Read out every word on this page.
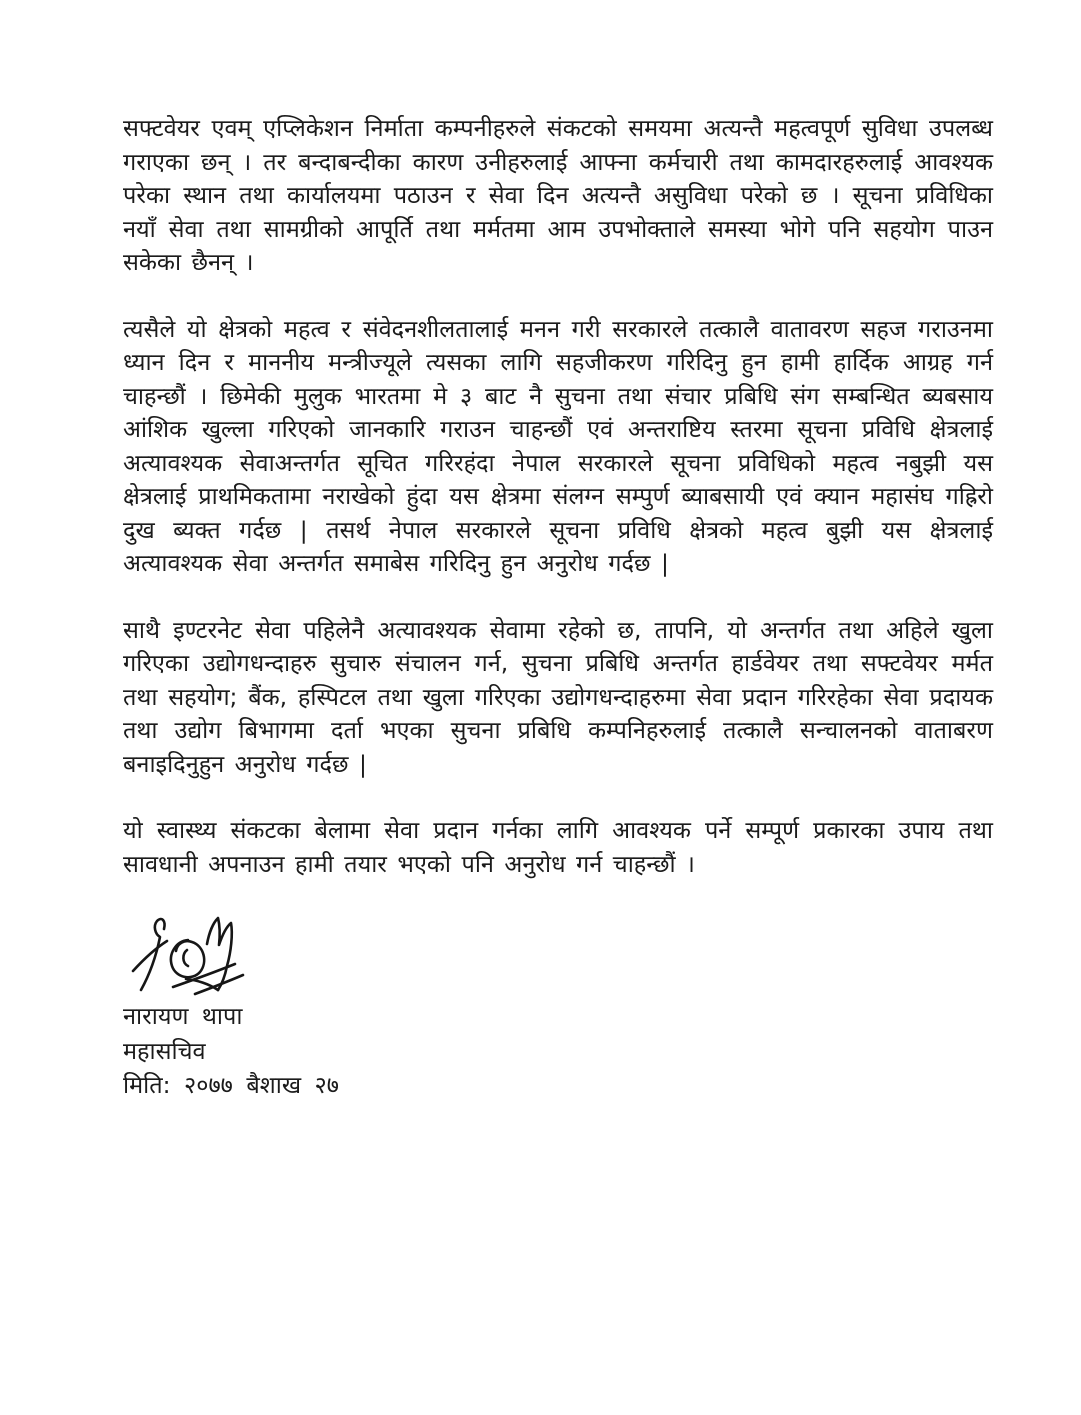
सफ्टवेयर एवम् एप्लिकेशन निर्माता कम्पनीहरुले संकटको समयमा अत्यन्तै महत्वपूर्ण सुविधा उपलब्ध गराएका छन् । तर बन्दाबन्दीका कारण उनीहरुलाई आफ्ना कर्मचारी तथा कामदारहरुलाई आवश्यक परेका स्थान तथा कार्यालयमा पठाउन र सेवा दिन अत्यन्तै असुविधा परेको छ । सूचना प्रविधिका नयाँ सेवा तथा सामग्रीको आपूर्ति तथा मर्मतमा आम उपभोक्ताले समस्या भोगे पनि सहयोग पाउन सकेका छैनन् ।

त्यसैले यो क्षेत्रको महत्व र संवेदनशीलतालाई मनन गरी सरकारले तत्कालै वातावरण सहज गराउनमा ध्यान दिन र माननीय मन्त्रीज्यूले त्यसका लागि सहजीकरण गरिदिनु हुन हामी हार्दिक आग्रह गर्न चाहन्छौं । छिमेकी मुलुक भारतमा मे ३ बाट नै सुचना तथा संचार प्रबिधि संग सम्बन्धित ब्यबसाय आंशिक खुल्ला गरिएको जानकारि गराउन चाहन्छौं एवं अन्तराष्टिय स्तरमा सूचना प्रविधि क्षेत्रलाई अत्यावश्यक सेवाअन्तर्गत सूचित गरिरहंदा नेपाल सरकारले सूचना प्रविधिको महत्व नबुझी यस क्षेत्रलाई प्राथमिकतामा नराखेको हुंदा यस क्षेत्रमा संलग्न सम्पुर्ण ब्याबसायी एवं क्यान महासंघ गह्रिरो दुख ब्यक्त गर्दछ | तसर्थ नेपाल सरकारले सूचना प्रविधि क्षेत्रको महत्व बुझी यस क्षेत्रलाई अत्यावश्यक सेवा अन्तर्गत समाबेस गरिदिनु हुन अनुरोध गर्दछ |

साथै इण्टरनेट सेवा पहिलेनै अत्यावश्यक सेवामा रहेको छ, तापनि, यो अन्तर्गत तथा अहिले खुला गरिएका उद्योगधन्दाहरु सुचारु संचालन गर्न, सुचना प्रबिधि अन्तर्गत हार्डवेयर तथा सफ्टवेयर मर्मत तथा सहयोग; बैंक, हस्पिटल तथा खुला गरिएका उद्योगधन्दाहरुमा सेवा प्रदान गरिरहेका सेवा प्रदायक तथा उद्योग बिभागमा दर्ता भएका सुचना प्रबिधि कम्पनिहरुलाई तत्कालै सन्चालनको वाताबरण बनाइदिनुहुन अनुरोध गर्दछ |

यो स्वास्थ्य संकटका बेलामा सेवा प्रदान गर्नका लागि आवश्यक पर्ने सम्पूर्ण प्रकारका उपाय तथा सावधानी अपनाउन हामी तयार भएको पनि अनुरोध गर्न चाहन्छौं ।

नारायण थापा
महासचिव
मिति: २०७७ बैशाख २७
